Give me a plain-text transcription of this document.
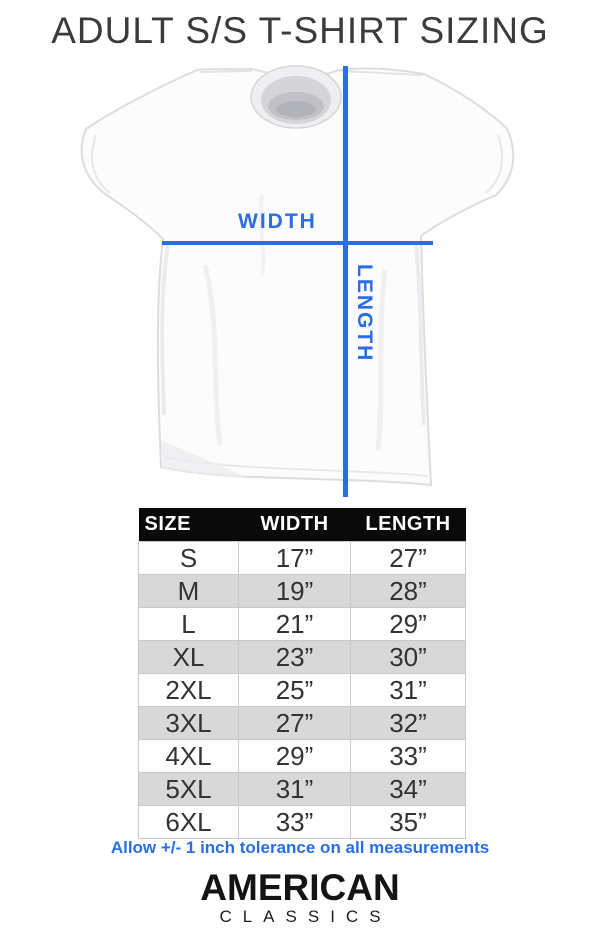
ADULT S/S T-SHIRT SIZING
WIDTH
LENGTH
SIZE	WIDTH	LENGTH
S	17”	27”
M	19”	28”
L	21”	29”
XL	23”	30”
2XL	25”	31”
3XL	27”	32”
4XL	29”	33”
5XL	31”	34”
6XL	33”	35”

Allow +/- 1 inch tolerance on all measurements

AMERICAN
CLASSICS
